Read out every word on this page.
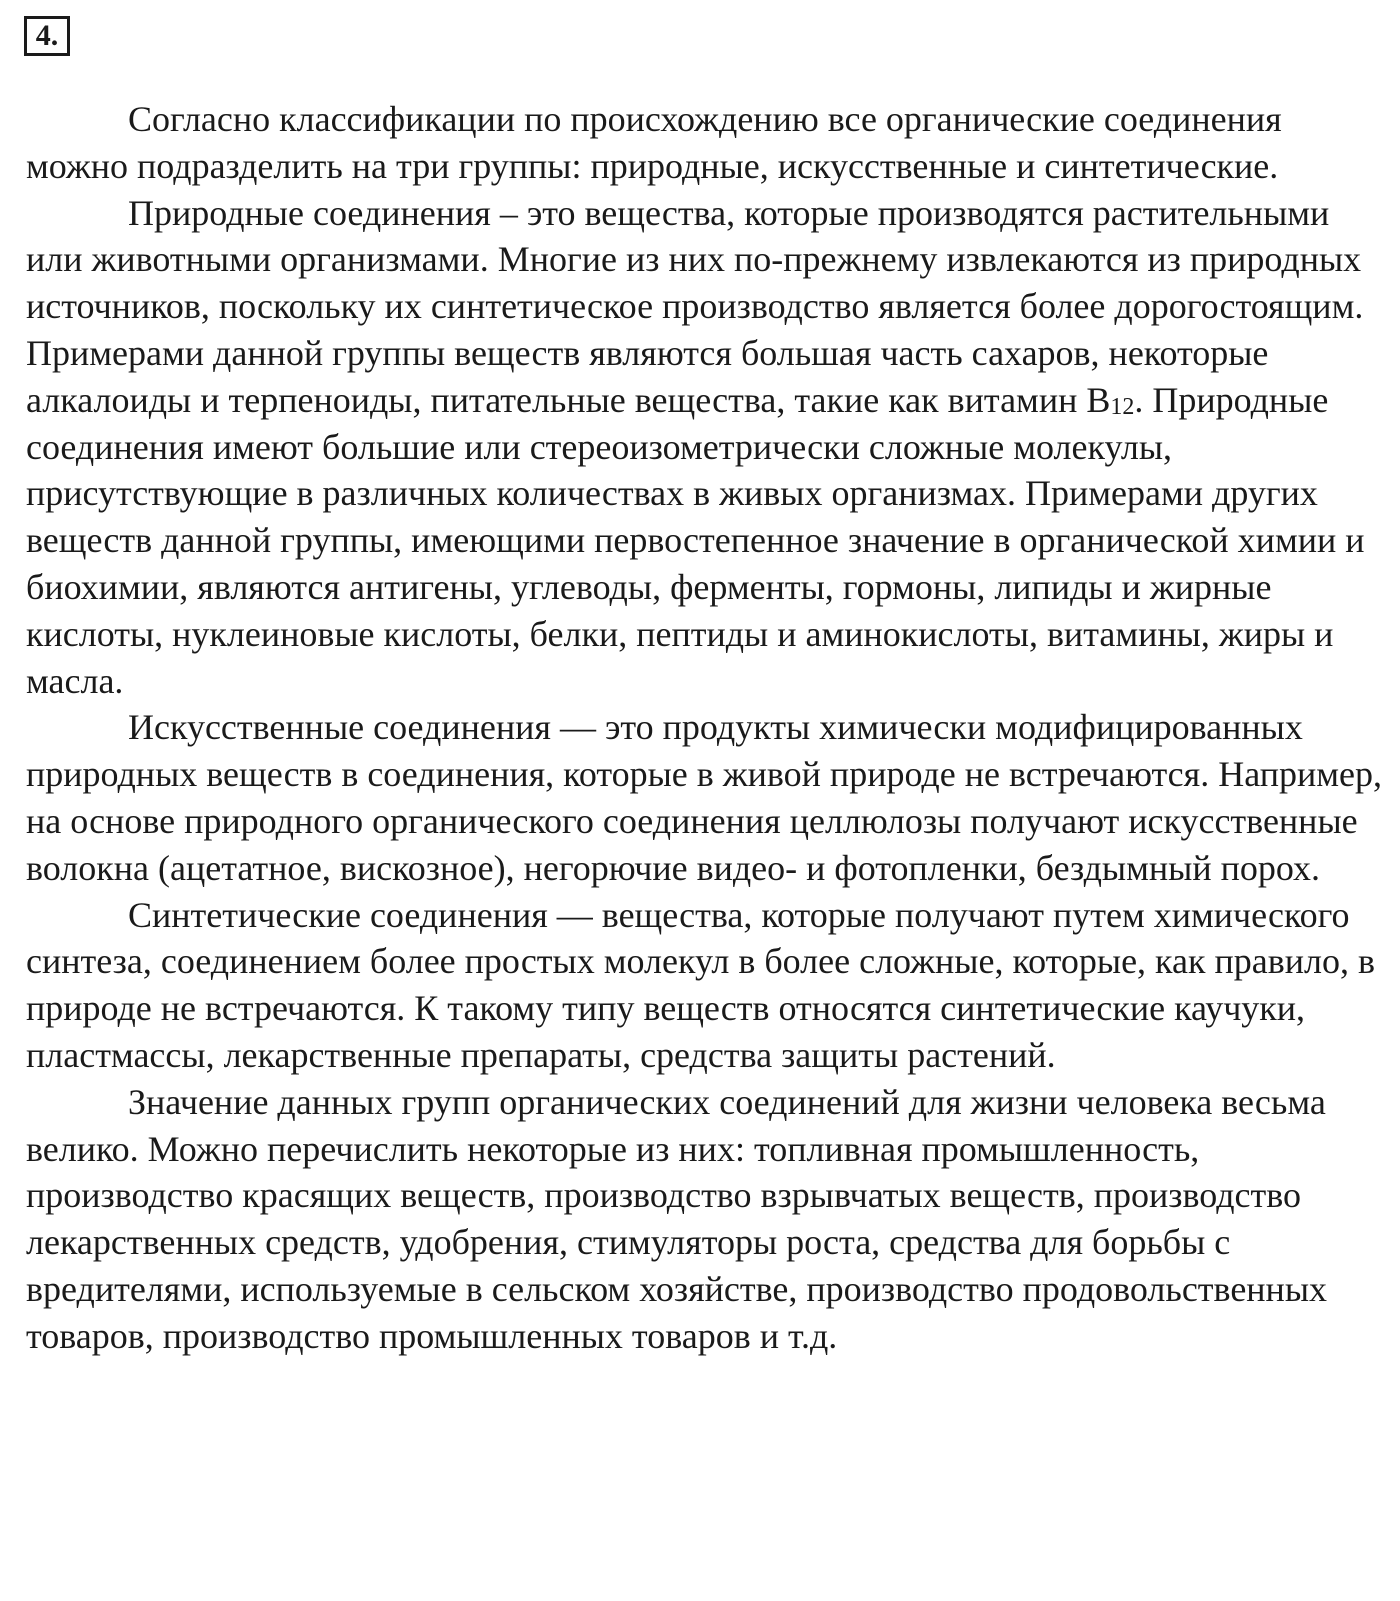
4.

Согласно классификации по происхождению все органические соединения можно подразделить на три группы: природные, искусственные и синтетические.

Природные соединения – это вещества, которые производятся растительными или животными организмами. Многие из них по-прежнему извлекаются из природных источников, поскольку их синтетическое производство является более дорогостоящим. Примерами данной группы веществ являются большая часть сахаров, некоторые алкалоиды и терпеноиды, питательные вещества, такие как витамин $B_{12}$. Природные соединения имеют большие или стереоизометрически сложные молекулы, присутствующие в различных количествах в живых организмах. Примерами других веществ данной группы, имеющими первостепенное значение в органической химии и биохимии, являются антигены, углеводы, ферменты, гормоны, липиды и жирные кислоты, нуклеиновые кислоты, белки, пептиды и аминокислоты, витамины, жиры и масла.

Искусственные соединения — это продукты химически модифицированных природных веществ в соединения, которые в живой природе не встречаются. Например, на основе природного органического соединения целлюлозы получают искусственные волокна (ацетатное, вискозное), негорючие видео- и фотопленки, бездымный порох.

Синтетические соединения — вещества, которые получают путем химического синтеза, соединением более простых молекул в более сложные, которые, как правило, в природе не встречаются. К такому типу веществ относятся синтетические каучуки, пластмассы, лекарственные препараты, средства защиты растений.

Значение данных групп органических соединений для жизни человека весьма велико. Можно перечислить некоторые из них: топливная промышленность, производство красящих веществ, производство взрывчатых веществ, производство лекарственных средств, удобрения, стимуляторы роста, средства для борьбы с вредителями, используемые в сельском хозяйстве, производство продовольственных товаров, производство промышленных товаров и т.д.
